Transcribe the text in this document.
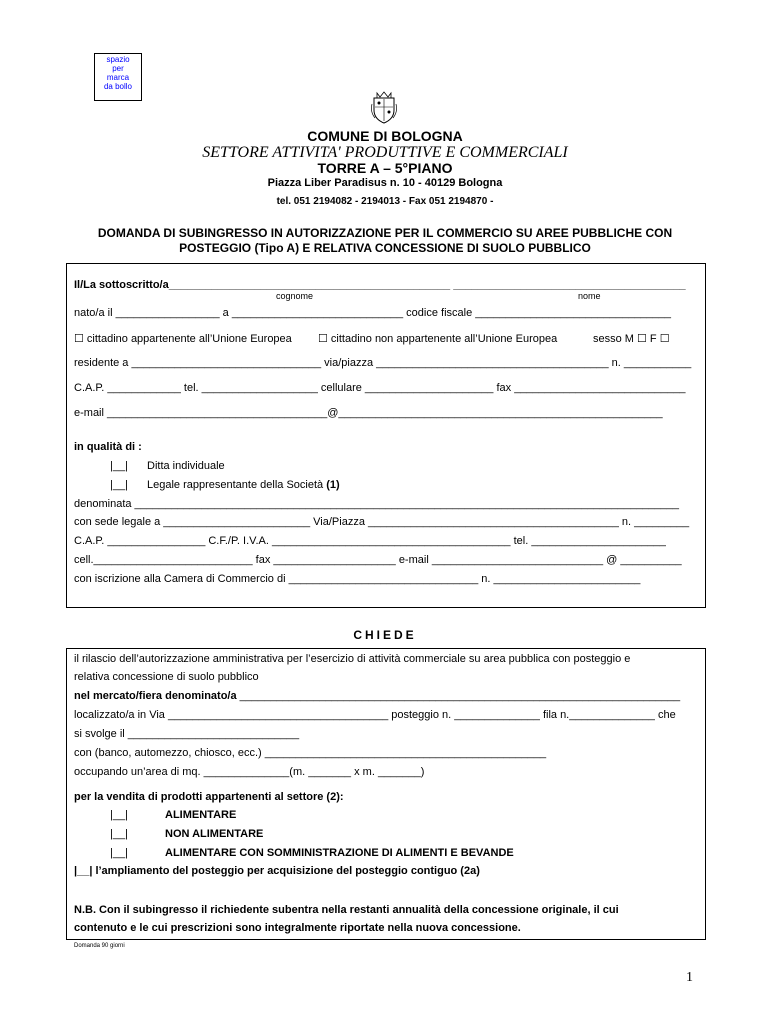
spazio
per
marca
da bollo
COMUNE DI BOLOGNA
SETTORE ATTIVITA' PRODUTTIVE E COMMERCIALI
TORRE A – 5°PIANO
Piazza Liber Paradisus n. 10 - 40129 Bologna
tel. 051 2194082 - 2194013 - Fax 051 2194870 -
DOMANDA DI SUBINGRESSO IN AUTORIZZAZIONE PER IL COMMERCIO SU AREE PUBBLICHE CON
POSTEGGIO (Tipo A) E RELATIVA CONCESSIONE DI SUOLO PUBBLICO
Il/La sottoscritto/a______________________________________________ ______________________________________
cognome	nome
nato/a il _________________ a ____________________________ codice fiscale ________________________________
☐ cittadino appartenente all’Unione Europea ☐ cittadino non appartenente all’Unione Europea	sesso M ☐ F ☐
residente a _______________________________ via/piazza ______________________________________ n. ___________
C.A.P. ____________ tel. ___________________ cellulare _____________________ fax ____________________________
e-mail ____________________________________@_____________________________________________________
in qualità di :
|__| Ditta individuale
|__| Legale rappresentante della Società (1)
denominata _________________________________________________________________________________________
con sede legale a ________________________ Via/Piazza _________________________________________ n. _________
C.A.P. ________________ C.F./P. I.V.A. _______________________________________ tel. ______________________
cell.__________________________ fax ____________________ e-mail ____________________________ @ __________
con iscrizione alla Camera di Commercio di _______________________________ n. ________________________
CHIEDE
il rilascio dell’autorizzazione amministrativa per l’esercizio di attività commerciale su area pubblica con posteggio e
relativa concessione di suolo pubblico
nel mercato/fiera denominato/a ________________________________________________________________________
localizzato/a in Via ____________________________________ posteggio n. ______________ fila n.______________ che
si svolge il ____________________________
con (banco, automezzo, chiosco, ecc.) ______________________________________________
occupando un’area di mq. ______________(m. _______ x m. _______)
per la vendita di prodotti appartenenti al settore (2):
|__|	ALIMENTARE
|__|	NON ALIMENTARE
|__|	ALIMENTARE CON SOMMINISTRAZIONE DI ALIMENTI E BEVANDE
|__| l’ampliamento del posteggio per acquisizione del posteggio contiguo (2a)
N.B. Con il subingresso il richiedente subentra nella restanti annualità della concessione originale, il cui
contenuto e le cui prescrizioni sono integralmente riportate nella nuova concessione.
Domanda 90 giorni
1
